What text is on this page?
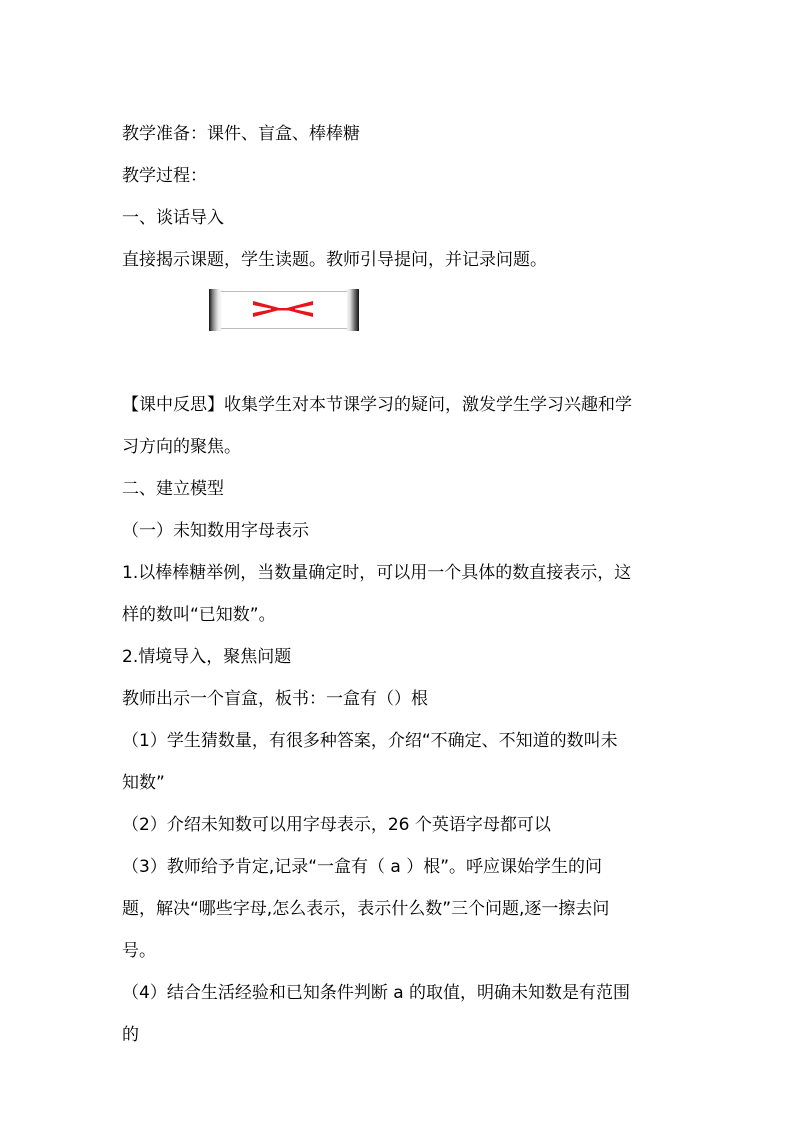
教学准备：课件、盲盒、棒棒糖

教学过程：

一、谈话导入

直接揭示课题，学生读题。教师引导提问，并记录问题。

【课中反思】收集学生对本节课学习的疑问，激发学生学习兴趣和学

习方向的聚焦。

二、建立模型

（一）未知数用字母表示

1.以棒棒糖举例，当数量确定时，可以用一个具体的数直接表示，这

样的数叫“已知数”。

2.情境导入，聚焦问题

教师出示一个盲盒，板书：一盒有（）根

（1）学生猜数量，有很多种答案，介绍“不确定、不知道的数叫未

知数”

（2）介绍未知数可以用字母表示，26 个英语字母都可以

（3）教师给予肯定,记录“一盒有（ a ）根”。呼应课始学生的问

题，解决“哪些字母,怎么表示，表示什么数”三个问题,逐一擦去问

号。

（4）结合生活经验和已知条件判断 a 的取值，明确未知数是有范围

的
